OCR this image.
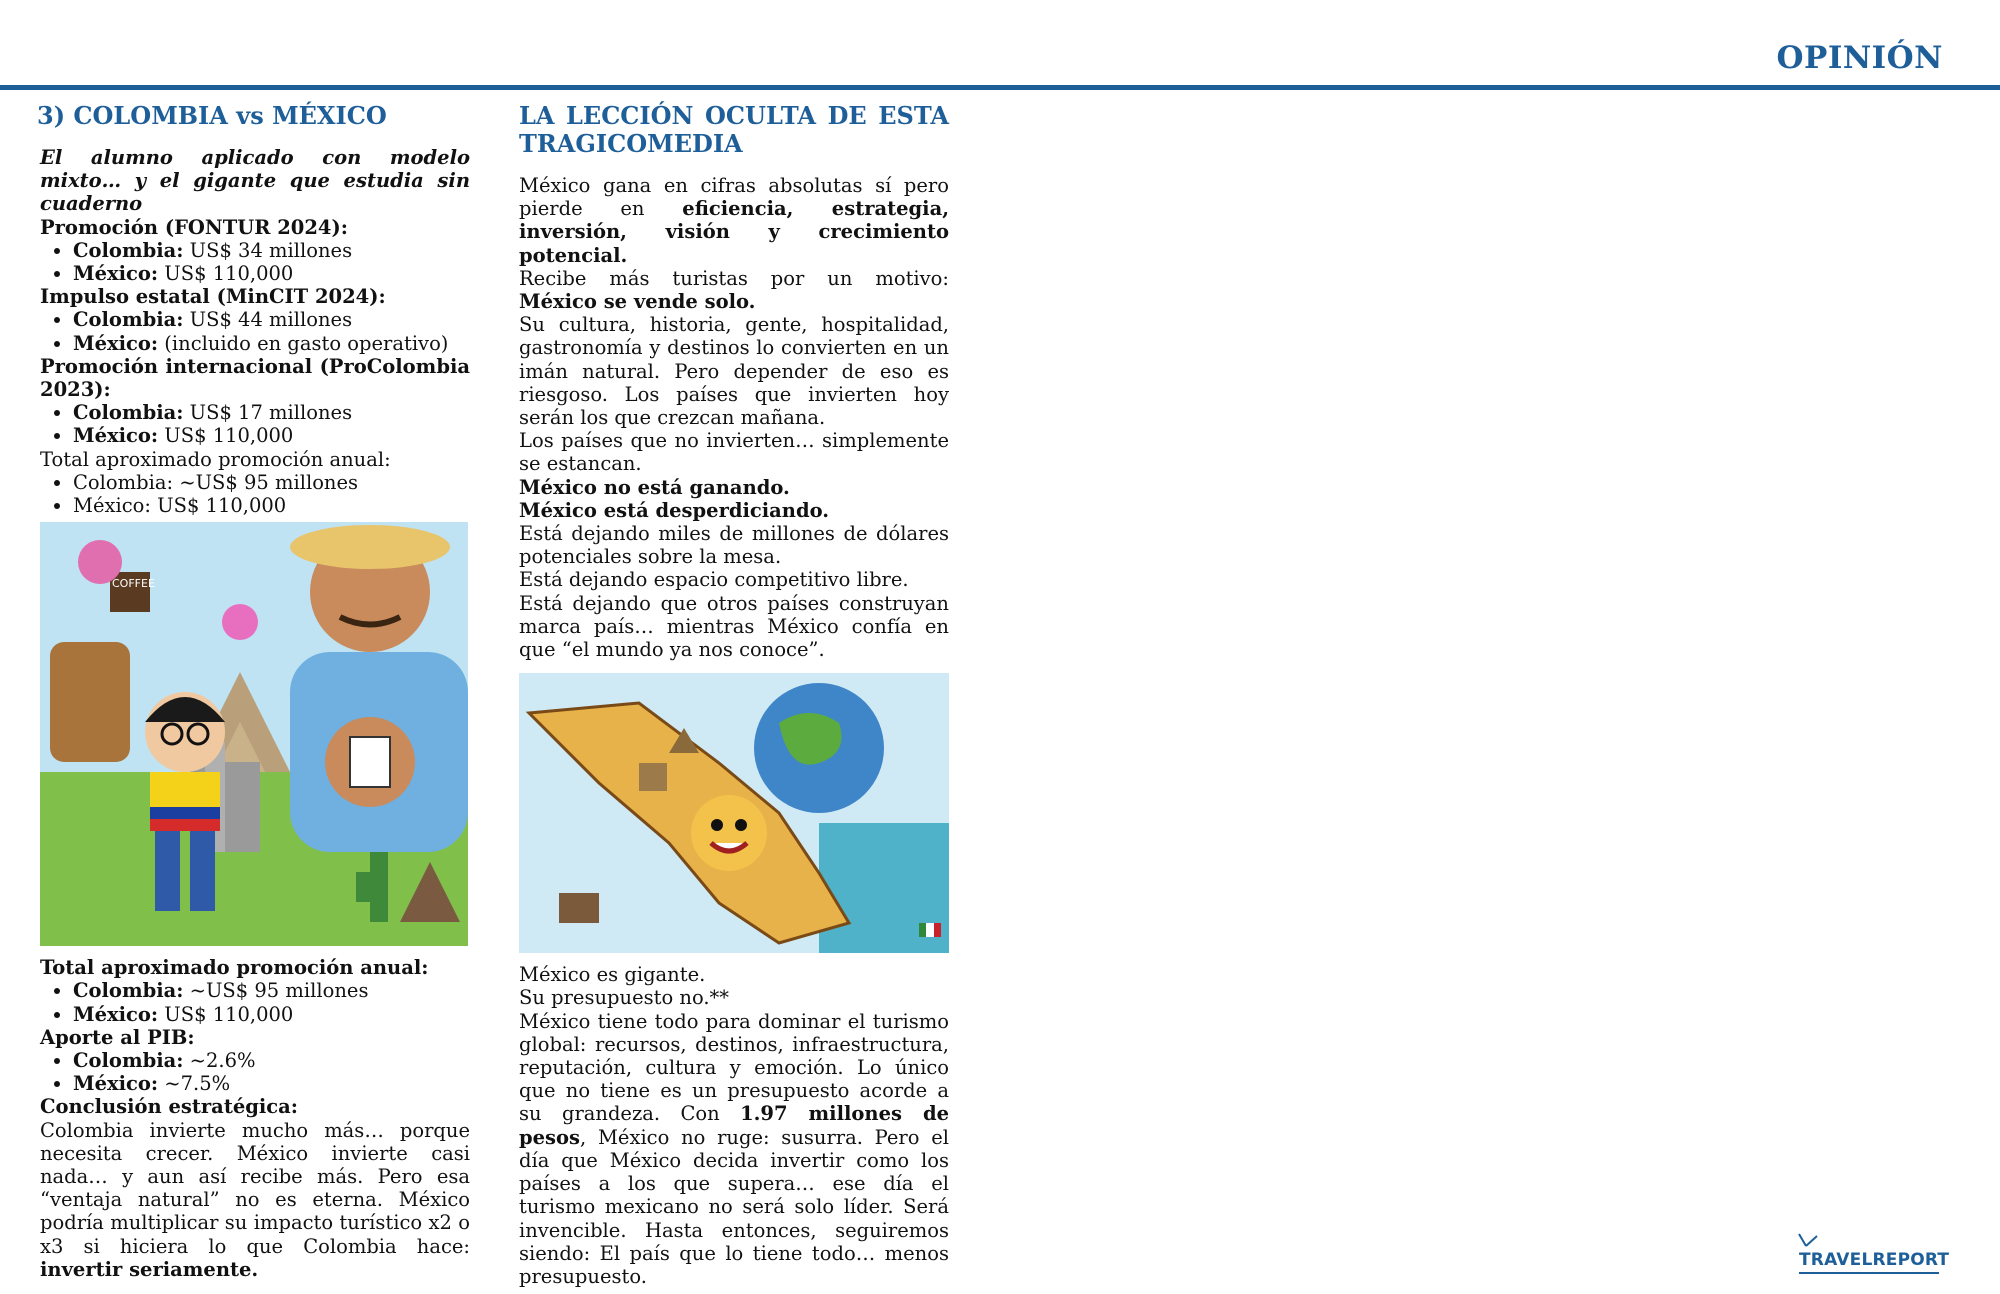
OPINIÓN
3) COLOMBIA vs MÉXICO

El alumno aplicado con modelo mixto… y el gigante que estudia sin cuaderno

Promoción (FONTUR 2024):
• Colombia: US$ 34 millones
• México: US$ 110,000
Impulso estatal (MinCIT 2024):
• Colombia: US$ 44 millones
• México: (incluido en gasto operativo)

Promoción internacional (ProColombia 2023):

• Colombia: US$ 17 millones
• México: US$ 110,000
Total aproximado promoción anual:
• Colombia: ~US$ 95 millones
• México: US$ 110,000
COFFEE
Total aproximado promoción anual:
• Colombia: ~US$ 95 millones
• México: US$ 110,000
Aporte al PIB:
• Colombia: ~2.6%
• México: ~7.5%
Conclusión estratégica:

Colombia invierte mucho más… porque necesita crecer. México invierte casi nada… y aun así recibe más. Pero esa “ventaja natural” no es eterna. México podría multiplicar su impacto turístico x2 o x3 si hiciera lo que Colombia hace: invertir seriamente.

LA LECCIÓN OCULTA DE ESTA TRAGICOMEDIA

México gana en cifras absolutas sí pero pierde en eficiencia, estrategia, inversión, visión y crecimiento potencial.

Recibe más turistas por un motivo: México se vende solo.

Su cultura, historia, gente, hospitalidad, gastronomía y destinos lo convierten en un imán natural. Pero depender de eso es riesgoso. Los países que invierten hoy serán los que crezcan mañana.

Los países que no invierten… simplemente se estancan.

México no está ganando.

México está desperdiciando.

Está dejando miles de millones de dólares potenciales sobre la mesa.

Está dejando espacio competitivo libre.

Está dejando que otros países construyan marca país… mientras México confía en que “el mundo ya nos conoce”.

México es gigante.

Su presupuesto no.**

México tiene todo para dominar el turismo global: recursos, destinos, infraestructura, reputación, cultura y emoción. Lo único que no tiene es un presupuesto acorde a su grandeza. Con 1.97 millones de pesos, México no ruge: susurra. Pero el día que México decida invertir como los países a los que supera… ese día el turismo mexicano no será solo líder. Será invencible. Hasta entonces, seguiremos siendo: El país que lo tiene todo… menos presupuesto.

TRAVELREPORT
